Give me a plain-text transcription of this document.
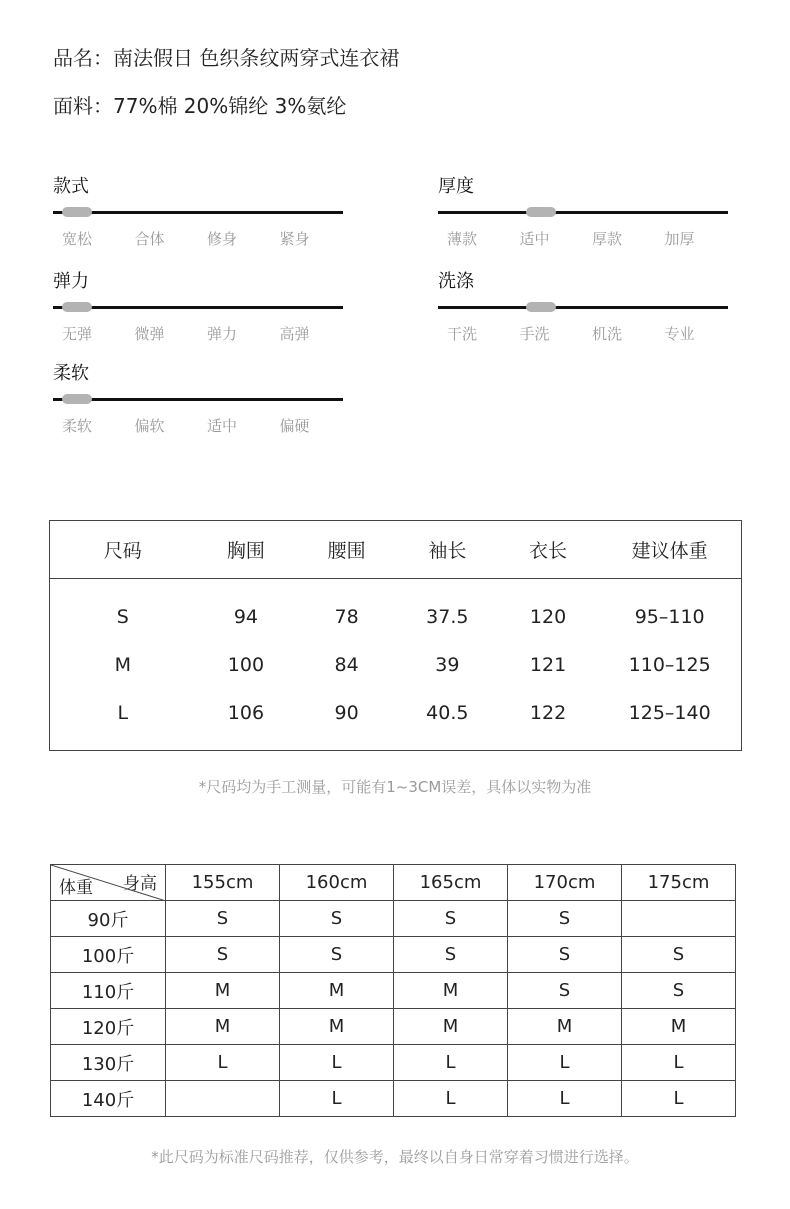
品名：南法假日 色织条纹两穿式连衣裙
面料：77%棉 20%锦纶 3%氨纶
款式
宽松	合体	修身	紧身
厚度
薄款	适中	厚款	加厚
弹力
无弹	微弹	弹力	高弹
洗涤
干洗	手洗	机洗	专业
柔软
柔软	偏软	适中	偏硬
尺码	胸围	腰围	袖长	衣长	建议体重
S	94	78	37.5	120	95–110
M	100	84	39	121	110–125
L	106	90	40.5	122	125–140
*尺码均为手工测量，可能有1~3CM误差，具体以实物为准
身高
体重	155cm	160cm	165cm	170cm	175cm
90斤	S	S	S	S	
100斤	S	S	S	S	S
110斤	M	M	M	S	S
120斤	M	M	M	M	M
130斤	L	L	L	L	L
140斤		L	L	L	L
*此尺码为标准尺码推荐，仅供参考，最终以自身日常穿着习惯进行选择。
